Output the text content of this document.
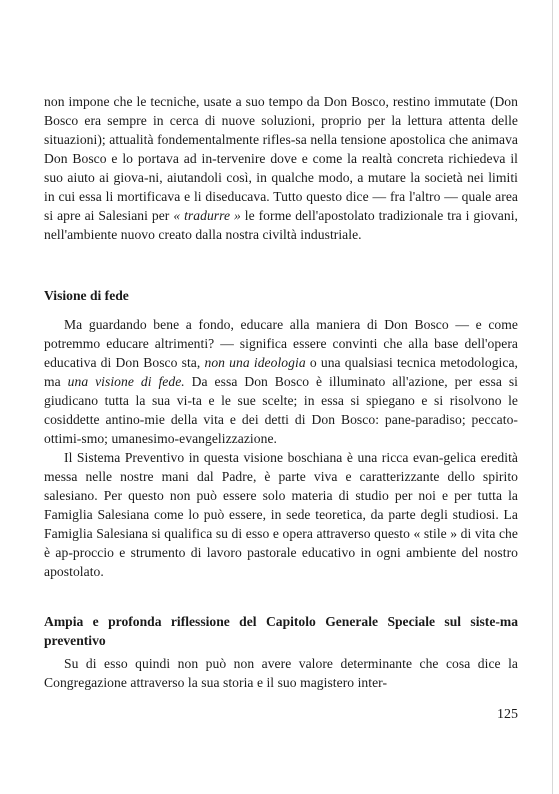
non impone che le tecniche, usate a suo tempo da Don Bosco, restino immutate (Don Bosco era sempre in cerca di nuove soluzioni, proprio per la lettura attenta delle situazioni); attualità fondementalmente rifles-sa nella tensione apostolica che animava Don Bosco e lo portava ad in-tervenire dove e come la realtà concreta richiedeva il suo aiuto ai giova-ni, aiutandoli così, in qualche modo, a mutare la società nei limiti in cui essa li mortificava e li diseducava. Tutto questo dice — fra l'altro — quale area si apre ai Salesiani per « tradurre » le forme dell'apostolato tradizionale tra i giovani, nell'ambiente nuovo creato dalla nostra civiltà industriale.

Visione di fede

Ma guardando bene a fondo, educare alla maniera di Don Bosco — e come potremmo educare altrimenti? — significa essere convinti che alla base dell'opera educativa di Don Bosco sta, non una ideologia o una qualsiasi tecnica metodologica, ma una visione di fede. Da essa Don Bosco è illuminato all'azione, per essa si giudicano tutta la sua vi-ta e le sue scelte; in essa si spiegano e si risolvono le cosiddette antino-mie della vita e dei detti di Don Bosco: pane-paradiso; peccato-ottimi-smo; umanesimo-evangelizzazione.

Il Sistema Preventivo in questa visione boschiana è una ricca evan-gelica eredità messa nelle nostre mani dal Padre, è parte viva e caratterizzante dello spirito salesiano. Per questo non può essere solo materia di studio per noi e per tutta la Famiglia Salesiana come lo può essere, in sede teoretica, da parte degli studiosi. La Famiglia Salesiana si qualifica su di esso e opera attraverso questo « stile » di vita che è ap-proccio e strumento di lavoro pastorale educativo in ogni ambiente del nostro apostolato.

Ampia e profonda riflessione del Capitolo Generale Speciale sul siste-ma preventivo

Su di esso quindi non può non avere valore determinante che cosa dice la Congregazione attraverso la sua storia e il suo magistero inter-

125
